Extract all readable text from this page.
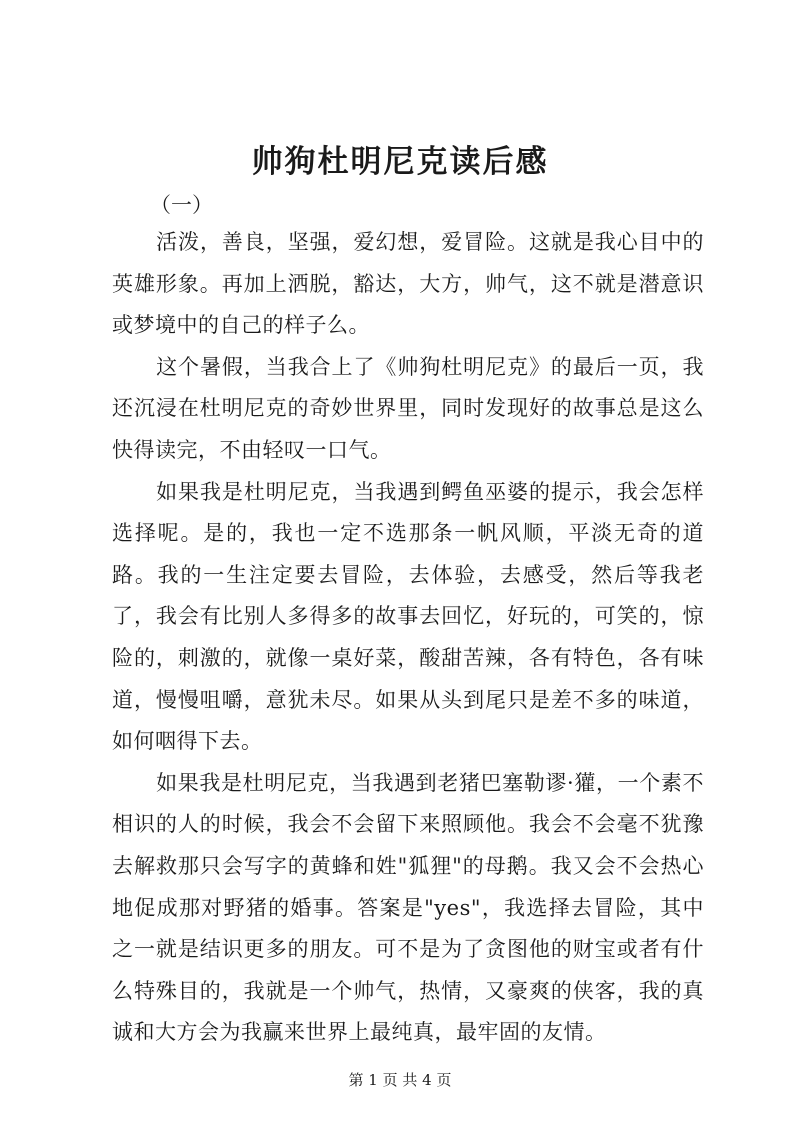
帅狗杜明尼克读后感

（一）

活泼，善良，坚强，爱幻想，爱冒险。这就是我心目中的英雄形象。再加上洒脱，豁达，大方，帅气，这不就是潜意识或梦境中的自己的样子么。

这个暑假，当我合上了《帅狗杜明尼克》的最后一页，我还沉浸在杜明尼克的奇妙世界里，同时发现好的故事总是这么快得读完，不由轻叹一口气。

如果我是杜明尼克，当我遇到鳄鱼巫婆的提示，我会怎样选择呢。是的，我也一定不选那条一帆风顺，平淡无奇的道路。我的一生注定要去冒险，去体验，去感受，然后等我老了，我会有比别人多得多的故事去回忆，好玩的，可笑的，惊险的，刺激的，就像一桌好菜，酸甜苦辣，各有特色，各有味道，慢慢咀嚼，意犹未尽。如果从头到尾只是差不多的味道，如何咽得下去。

如果我是杜明尼克，当我遇到老猪巴塞勒谬·獾，一个素不相识的人的时候，我会不会留下来照顾他。我会不会毫不犹豫去解救那只会写字的黄蜂和姓"狐狸"的母鹅。我又会不会热心地促成那对野猪的婚事。答案是"yes"，我选择去冒险，其中之一就是结识更多的朋友。可不是为了贪图他的财宝或者有什么特殊目的，我就是一个帅气，热情，又豪爽的侠客，我的真诚和大方会为我赢来世界上最纯真，最牢固的友情。

第 1 页 共 4 页
